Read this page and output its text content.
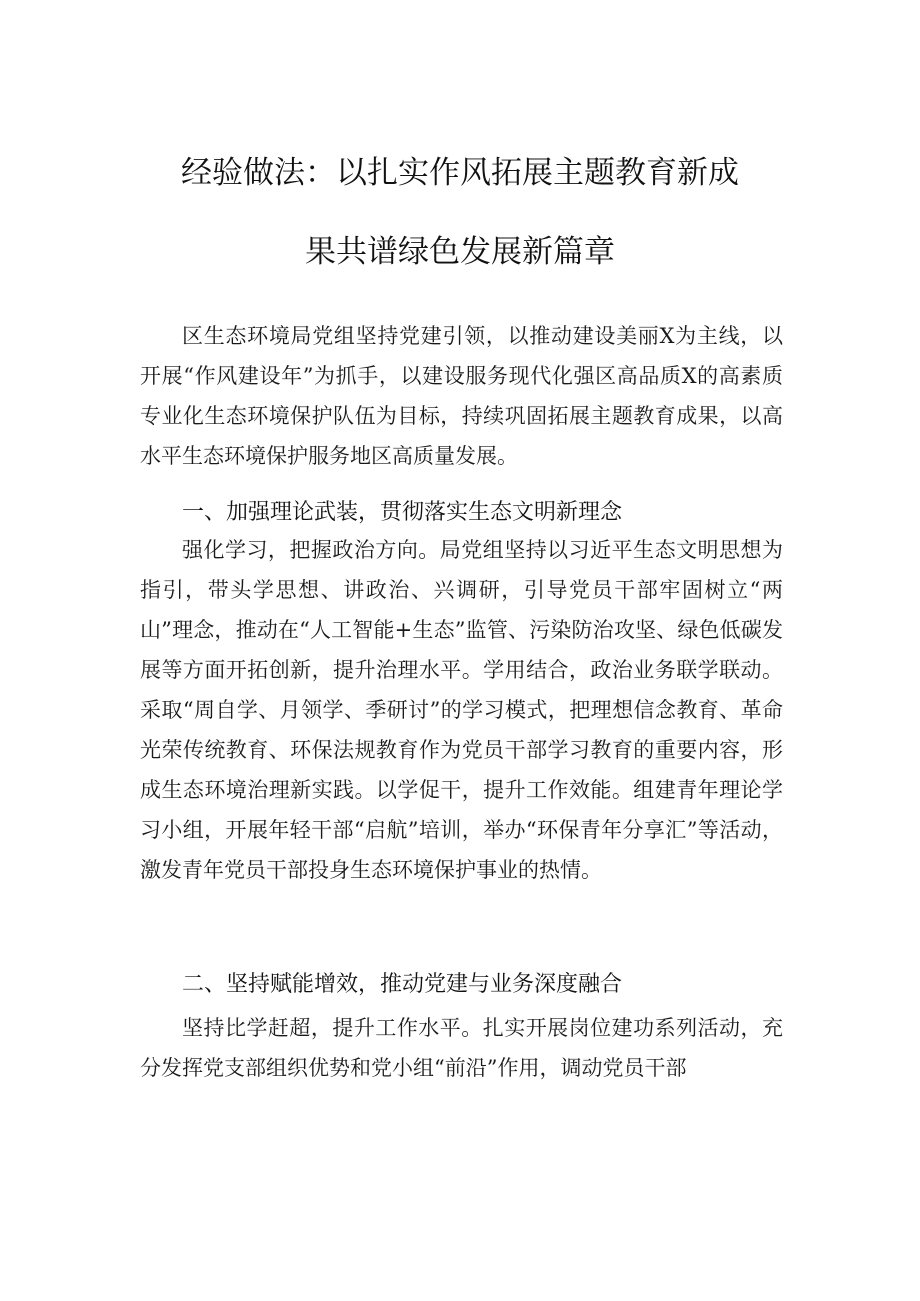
经验做法：以扎实作风拓展主题教育新成
果共谱绿色发展新篇章

区生态环境局党组坚持党建引领，以推动建设美丽X为主线，以开展“作风建设年”为抓手，以建设服务现代化强区高品质X的高素质专业化生态环境保护队伍为目标，持续巩固拓展主题教育成果，以高水平生态环境保护服务地区高质量发展。

一、加强理论武装，贯彻落实生态文明新理念

强化学习，把握政治方向。局党组坚持以习近平生态文明思想为指引，带头学思想、讲政治、兴调研，引导党员干部牢固树立“两山”理念，推动在“人工智能+生态”监管、污染防治攻坚、绿色低碳发展等方面开拓创新，提升治理水平。学用结合，政治业务联学联动。采取“周自学、月领学、季研讨”的学习模式，把理想信念教育、革命光荣传统教育、环保法规教育作为党员干部学习教育的重要内容，形成生态环境治理新实践。以学促干，提升工作效能。组建青年理论学习小组，开展年轻干部“启航”培训，举办“环保青年分享汇”等活动，激发青年党员干部投身生态环境保护事业的热情。

二、坚持赋能增效，推动党建与业务深度融合

坚持比学赶超，提升工作水平。扎实开展岗位建功系列活动，充分发挥党支部组织优势和党小组“前沿”作用，调动党员干部
